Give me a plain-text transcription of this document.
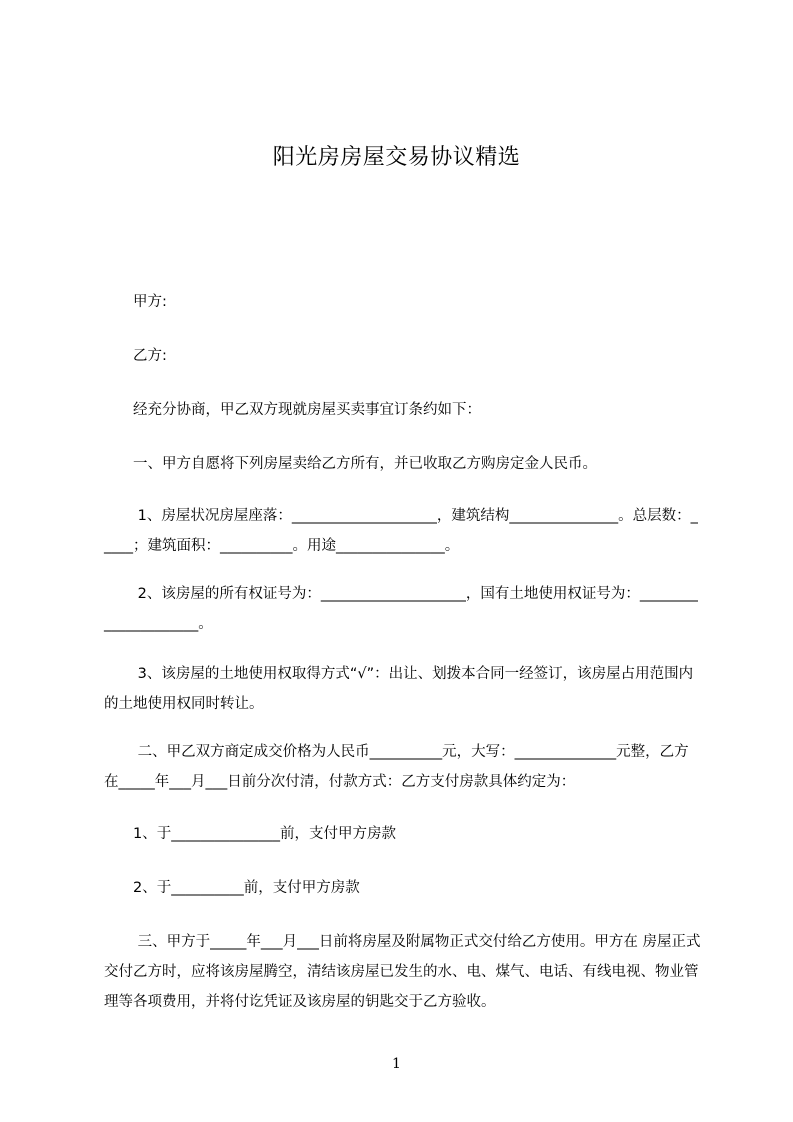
阳光房房屋交易协议精选
　　甲方:
　　乙方:
　　经充分协商，甲乙双方现就房屋买卖事宜订条约如下：
　　一、甲方自愿将下列房屋卖给乙方所有，并已收取乙方购房定金人民币。
　　 1、房屋状况房屋座落：____________________，建筑结构_______________。总层数：_____；建筑面积：__________。用途_______________。
　　 2、该房屋的所有权证号为：____________________，国有土地使用权证号为：_____________________。
　　 3、该房屋的土地使用权取得方式“√”：出让、划拨本合同一经签订，该房屋占用范围内的土地使用权同时转让。
　　 二、甲乙双方商定成交价格为人民币__________元，大写：______________元整，乙方在_____年___月___日前分次付清，付款方式：乙方支付房款具体约定为：
　　1、于_______________前，支付甲方房款
　　2、于__________前，支付甲方房款
　　 三、甲方于_____年___月___日前将房屋及附属物正式交付给乙方使用。甲方在 房屋正式交付乙方时，应将该房屋腾空，清结该房屋已发生的水、电、煤气、电话、有线电视、物业管理等各项费用，并将付讫凭证及该房屋的钥匙交于乙方验收。
1
